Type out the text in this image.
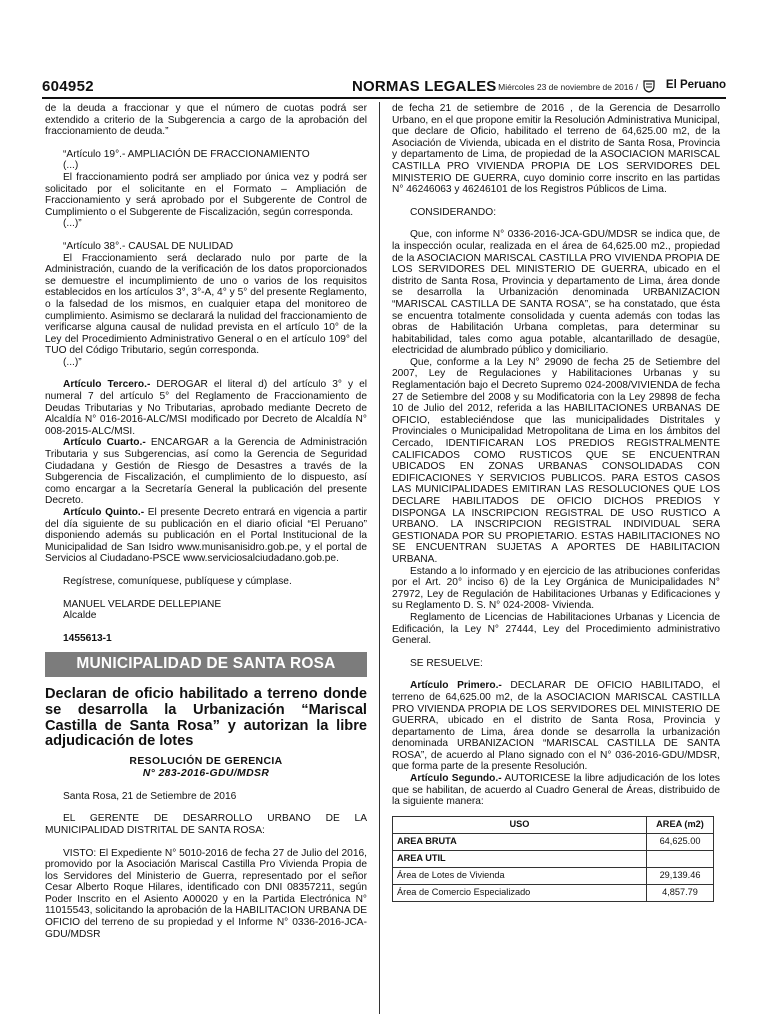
604952	NORMAS LEGALES Miércoles 23 de noviembre de 2016 / El Peruano

de la deuda a fraccionar y que el número de cuotas podrá ser extendido a criterio de la Subgerencia a cargo de la aprobación del fraccionamiento de deuda.”

“Artículo 19°.- AMPLIACIÓN DE FRACCIONAMIENTO

(...)

El fraccionamiento podrá ser ampliado por única vez y podrá ser solicitado por el solicitante en el Formato – Ampliación de Fraccionamiento y será aprobado por el Subgerente de Control de Cumplimiento o el Subgerente de Fiscalización, según corresponda.

(...)”

“Artículo 38°.- CAUSAL DE NULIDAD

El Fraccionamiento será declarado nulo por parte de la Administración, cuando de la verificación de los datos proporcionados se demuestre el incumplimiento de uno o varios de los requisitos establecidos en los artículos 3°, 3°-A, 4° y 5° del presente Reglamento, o la falsedad de los mismos, en cualquier etapa del monitoreo de cumplimiento. Asimismo se declarará la nulidad del fraccionamiento de verificarse alguna causal de nulidad prevista en el artículo 10° de la Ley del Procedimiento Administrativo General o en el artículo 109° del TUO del Código Tributario, según corresponda.

(...)”

Artículo Tercero.- DEROGAR el literal d) del artículo 3° y el numeral 7 del artículo 5° del Reglamento de Fraccionamiento de Deudas Tributarias y No Tributarias, aprobado mediante Decreto de Alcaldía N° 016-2016-ALC/MSI modificado por Decreto de Alcaldía N° 008-2015-ALC/MSI.

Artículo Cuarto.- ENCARGAR a la Gerencia de Administración Tributaria y sus Subgerencias, así como la Gerencia de Seguridad Ciudadana y Gestión de Riesgo de Desastres a través de la Subgerencia de Fiscalización, el cumplimiento de lo dispuesto, así como encargar a la Secretaría General la publicación del presente Decreto.

Artículo Quinto.- El presente Decreto entrará en vigencia a partir del día siguiente de su publicación en el diario oficial “El Peruano” disponiendo además su publicación en el Portal Institucional de la Municipalidad de San Isidro www.munisanisidro.gob.pe, y el portal de Servicios al Ciudadano-PSCE www.serviciosalciudadano.gob.pe.

Regístrese, comuníquese, publíquese y cúmplase.

MANUEL VELARDE DELLEPIANE

Alcalde

1455613-1

MUNICIPALIDAD DE SANTA ROSA
Declaran de oficio habilitado a terreno donde se desarrolla la Urbanización “Mariscal Castilla de Santa Rosa” y autorizan la libre adjudicación de lotes
RESOLUCIÓN DE GERENCIA
N° 283-2016-GDU/MDSR

Santa Rosa, 21 de Setiembre de 2016

EL GERENTE DE DESARROLLO URBANO DE LA MUNICIPALIDAD DISTRITAL DE SANTA ROSA:

VISTO: El Expediente N° 5010-2016 de fecha 27 de Julio del 2016, promovido por la Asociación Mariscal Castilla Pro Vivienda Propia de los Servidores del Ministerio de Guerra, representado por el señor Cesar Alberto Roque Hilares, identificado con DNI 08357211, según Poder Inscrito en el Asiento A00020 y en la Partida Electrónica N° 11015543, solicitando la aprobación de la HABILITACION URBANA DE OFICIO del terreno de su propiedad y el Informe N° 0336-2016-JCA-GDU/MDSR

de fecha 21 de setiembre de 2016 , de la Gerencia de Desarrollo Urbano, en el que propone emitir la Resolución Administrativa Municipal, que declare de Oficio, habilitado el terreno de 64,625.00 m2, de la Asociación de Vivienda, ubicada en el distrito de Santa Rosa, Provincia y departamento de Lima, de propiedad de la ASOCIACION MARISCAL CASTILLA PRO VIVIENDA PROPIA DE LOS SERVIDORES DEL MINISTERIO DE GUERRA, cuyo dominio corre inscrito en las partidas N° 46246063 y 46246101 de los Registros Públicos de Lima.

CONSIDERANDO:

Que, con informe N° 0336-2016-JCA-GDU/MDSR se indica que, de la inspección ocular, realizada en el área de 64,625.00 m2., propiedad de la ASOCIACION MARISCAL CASTILLA PRO VIVIENDA PROPIA DE LOS SERVIDORES DEL MINISTERIO DE GUERRA, ubicado en el distrito de Santa Rosa, Provincia y departamento de Lima, área donde se desarrolla la Urbanización denominada URBANIZACION “MARISCAL CASTILLA DE SANTA ROSA”, se ha constatado, que ésta se encuentra totalmente consolidada y cuenta además con todas las obras de Habilitación Urbana completas, para determinar su habitabilidad, tales como agua potable, alcantarillado de desagüe, electricidad de alumbrado público y domiciliario.

Que, conforme a la Ley N° 29090 de fecha 25 de Setiembre del 2007, Ley de Regulaciones y Habilitaciones Urbanas y su Reglamentación bajo el Decreto Supremo 024-2008/VIVIENDA de fecha 27 de Setiembre del 2008 y su Modificatoria con la Ley 29898 de fecha 10 de Julio del 2012, referida a las HABILITACIONES URBANAS DE OFICIO, estableciéndose que las municipalidades Distritales y Provinciales o Municipalidad Metropolitana de Lima en los ámbitos del Cercado, IDENTIFICARAN LOS PREDIOS REGISTRALMENTE CALIFICADOS COMO RUSTICOS QUE SE ENCUENTRAN UBICADOS EN ZONAS URBANAS CONSOLIDADAS CON EDIFICACIONES Y SERVICIOS PUBLICOS. PARA ESTOS CASOS LAS MUNICIPALIDADES EMITIRAN LAS RESOLUCIONES QUE LOS DECLARE HABILITADOS DE OFICIO DICHOS PREDIOS Y DISPONGA LA INSCRIPCION REGISTRAL DE USO RUSTICO A URBANO. LA INSCRIPCION REGISTRAL INDIVIDUAL SERA GESTIONADA POR SU PROPIETARIO. ESTAS HABILITACIONES NO SE ENCUENTRAN SUJETAS A APORTES DE HABILITACION URBANA.

Estando a lo informado y en ejercicio de las atribuciones conferidas por el Art. 20° inciso 6) de la Ley Orgánica de Municipalidades N° 27972, Ley de Regulación de Habilitaciones Urbanas y Edificaciones y su Reglamento D. S. N° 024-2008- Vivienda.

Reglamento de Licencias de Habilitaciones Urbanas y Licencia de Edificación, la Ley N° 27444, Ley del Procedimiento administrativo General.

SE RESUELVE:

Artículo Primero.- DECLARAR DE OFICIO HABILITADO, el terreno de 64,625.00 m2, de la ASOCIACION MARISCAL CASTILLA PRO VIVIENDA PROPIA DE LOS SERVIDORES DEL MINISTERIO DE GUERRA, ubicado en el distrito de Santa Rosa, Provincia y departamento de Lima, área donde se desarrolla la urbanización denominada URBANIZACION “MARISCAL CASTILLA DE SANTA ROSA”, de acuerdo al Plano signado con el N° 036-2016-GDU/MDSR, que forma parte de la presente Resolución.

Artículo Segundo.- AUTORICESE la libre adjudicación de los lotes que se habilitan, de acuerdo al Cuadro General de Áreas, distribuido de la siguiente manera:

USO	AREA (m2)
AREA BRUTA	64,625.00
AREA UTIL	
Área de Lotes de Vivienda	29,139.46
Área de Comercio Especializado	4,857.79
